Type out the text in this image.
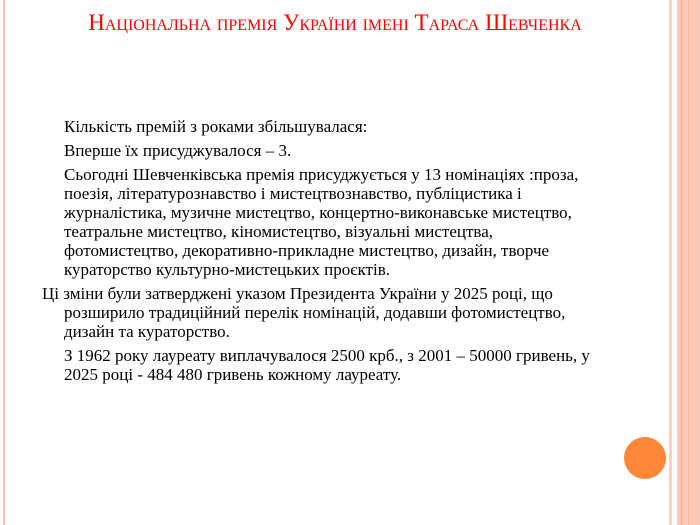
Національна премія України імені Тараса Шевченка

Кількість премій з роками збільшувалася:

Вперше їх присуджувалося – 3.

Сьогодні Шевченківська премія присуджується у 13 номінаціях :проза, поезія, літературознавство і мистецтвознавство, публіцистика і журналістика, музичне мистецтво, концертно-виконавське мистецтво, театральне мистецтво, кіномистецтво, візуальні мистецтва, фотомистецтво, декоративно-прикладне мистецтво, дизайн, творче кураторство культурно-мистецьких проєктів.

Ці зміни були затверджені указом Президента України у 2025 році, що розширило традиційний перелік номінацій, додавши фотомистецтво, дизайн та кураторство.

З 1962 року лауреату виплачувалося 2500 крб., з 2001 – 50000 гривень, у 2025 році - 484 480 гривень кожному лауреату.
